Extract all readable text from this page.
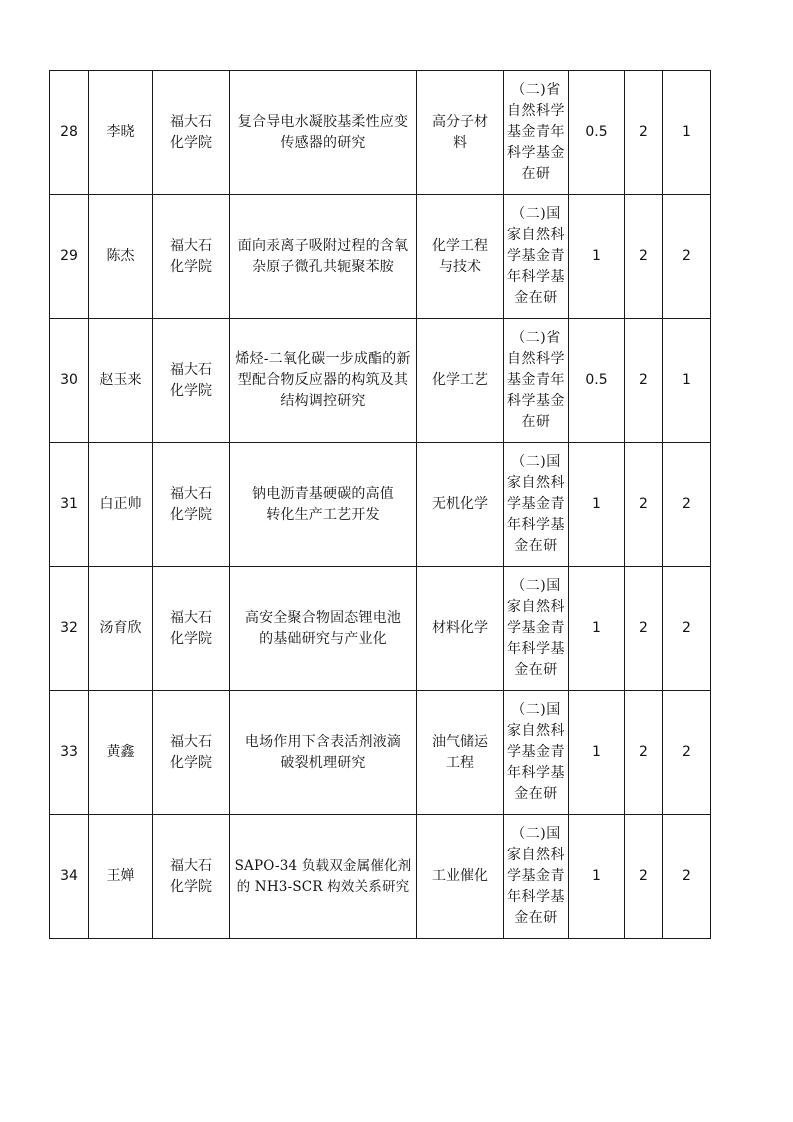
28	李晓	福大石化学院	复合导电水凝胶基柔性应变传感器的研究	高分子材料	（二)省自然科学基金青年科学基金在研	0.5	2	1
29	陈杰	福大石化学院	面向汞离子吸附过程的含氧杂原子微孔共轭聚苯胺	化学工程与技术	（二)国家自然科学基金青年科学基金在研	1	2	2
30	赵玉来	福大石化学院	烯烃-二氧化碳一步成酯的新型配合物反应器的构筑及其结构调控研究	化学工艺	（二)省自然科学基金青年科学基金在研	0.5	2	1
31	白正帅	福大石化学院	钠电沥青基硬碳的高值转化生产工艺开发	无机化学	（二)国家自然科学基金青年科学基金在研	1	2	2
32	汤育欣	福大石化学院	高安全聚合物固态锂电池的基础研究与产业化	材料化学	（二)国家自然科学基金青年科学基金在研	1	2	2
33	黄鑫	福大石化学院	电场作用下含表活剂液滴破裂机理研究	油气储运工程	（二)国家自然科学基金青年科学基金在研	1	2	2
34	王婵	福大石化学院	SAPO-34 负载双金属催化剂的 NH3-SCR 构效关系研究	工业催化	（二)国家自然科学基金青年科学基金在研	1	2	2
